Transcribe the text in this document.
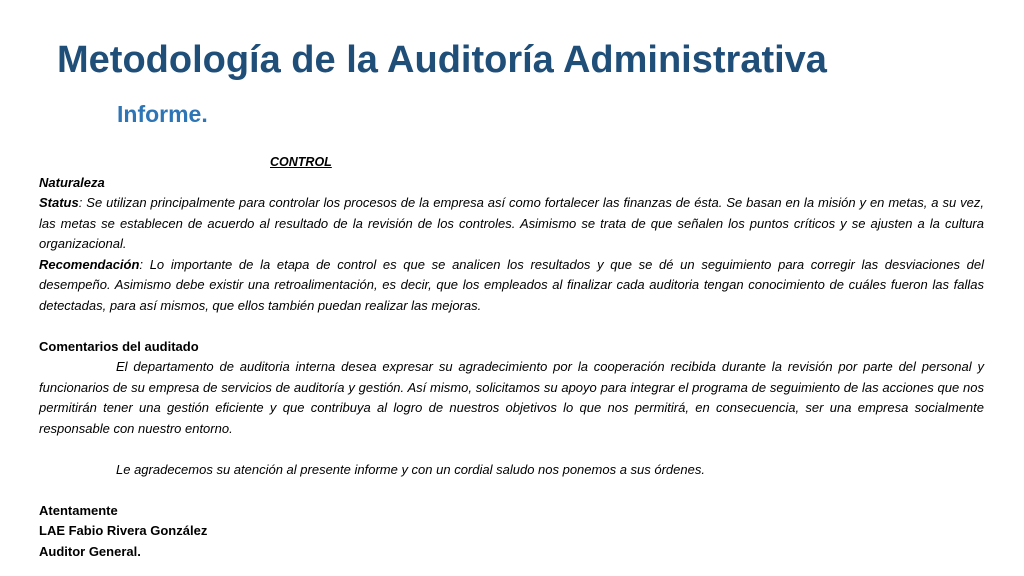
Metodología de la Auditoría Administrativa
Informe.

CONTROL

Naturaleza

Status: Se utilizan principalmente para controlar los procesos de la empresa así como fortalecer las finanzas de ésta. Se basan en la misión y en metas, a su vez, las metas se establecen de acuerdo al resultado de la revisión de los controles. Asimismo se trata de que señalen los puntos críticos y se ajusten a la cultura organizacional.

Recomendación: Lo importante de la etapa de control es que se analicen los resultados y que se dé un seguimiento para corregir las desviaciones del desempeño. Asimismo debe existir una retroalimentación, es decir, que los empleados al finalizar cada auditoria tengan conocimiento de cuáles fueron las fallas detectadas, para así mismos, que ellos también puedan realizar las mejoras.

Comentarios del auditado

El departamento de auditoria interna desea expresar su agradecimiento por la cooperación recibida durante la revisión por parte del personal y funcionarios de su empresa de servicios de auditoría y gestión. Así mismo, solicitamos su apoyo para integrar el programa de seguimiento de las acciones que nos permitirán tener una gestión eficiente y que contribuya al logro de nuestros objetivos lo que nos permitirá, en consecuencia, ser una empresa socialmente responsable con nuestro entorno.

Le agradecemos su atención al presente informe y con un cordial saludo nos ponemos a sus órdenes.

Atentamente

LAE Fabio Rivera González

Auditor General.
